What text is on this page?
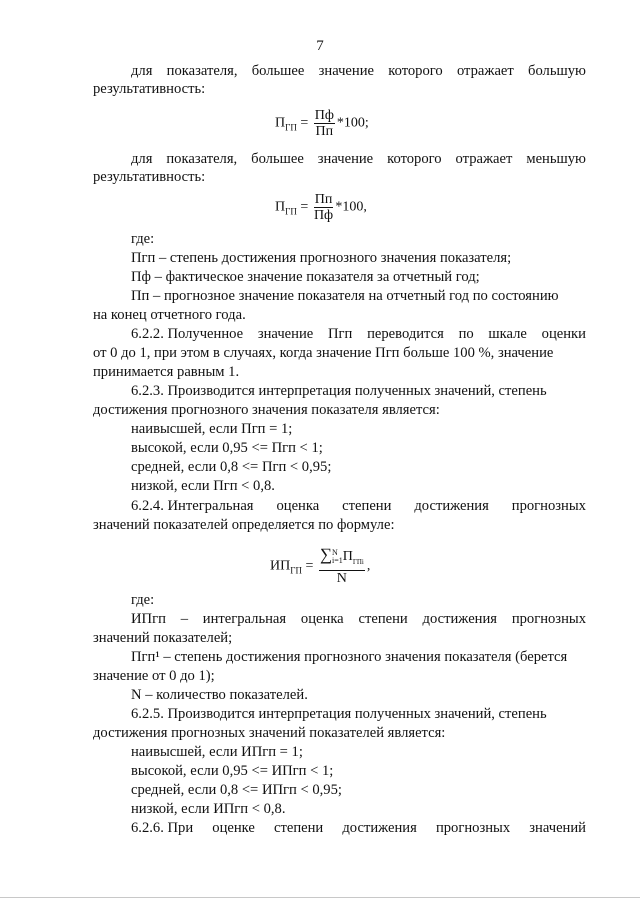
7
для показателя, большее значение которого отражает большую
результативность:
для показателя, большее значение которого отражает меньшую
результативность:
где:
Пгп – степень достижения прогнозного значения показателя;
Пф – фактическое значение показателя за отчетный год;
Пп – прогнозное значение показателя на отчетный год по состоянию
на конец отчетного года.
6.2.2. Полученное значение Пгп переводится по шкале оценки
от 0 до 1, при этом в случаях, когда значение Пгп больше 100 %, значение
принимается равным 1.
6.2.3. Производится интерпретация полученных значений, степень
достижения прогнозного значения показателя является:
наивысшей, если Пгп = 1;
высокой, если 0,95 <= Пгп < 1;
средней, если 0,8 <= Пгп < 0,95;
низкой, если Пгп < 0,8.
6.2.4. Интегральная оценка степени достижения прогнозных
значений показателей определяется по формуле:
где:
ИПгп – интегральная оценка степени достижения прогнозных
значений показателей;
Пгп¹ – степень достижения прогнозного значения показателя (берется
значение от 0 до 1);
N – количество показателей.
6.2.5. Производится интерпретация полученных значений, степень
достижения прогнозных значений показателей является:
наивысшей, если ИПгп = 1;
высокой, если 0,95 <= ИПгп < 1;
средней, если 0,8 <= ИПгп < 0,95;
низкой, если ИПгп < 0,8.
6.2.6. При оценке степени достижения прогнозных значений
$П_{ГП} = \frac{Пф}{Пп} *100$;
$П_{ГП} = \frac{Пп}{Пф} *100$,
$ИП_{ГП}$ = ∑ N
i=1 $П_{ГПi}$
N ,
